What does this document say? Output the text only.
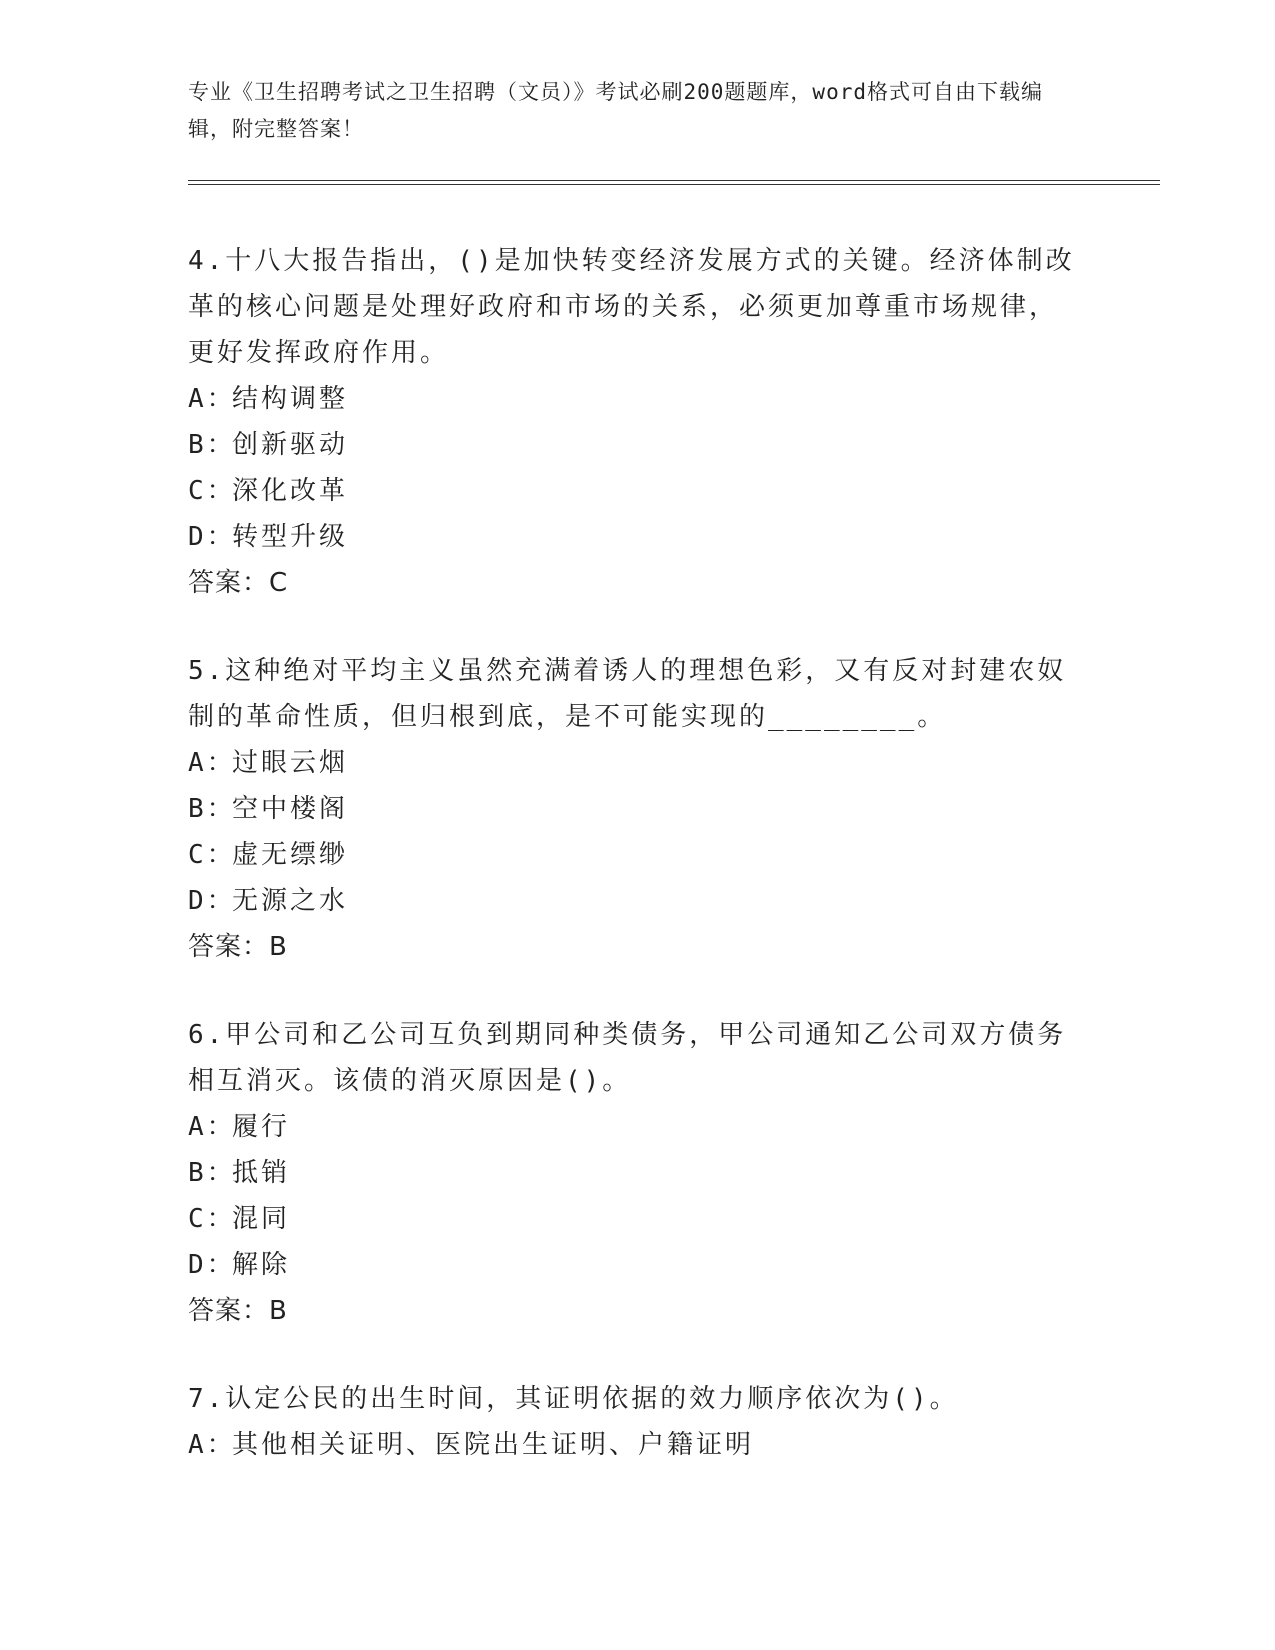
专业《卫生招聘考试之卫生招聘（文员）》考试必刷200题题库，word格式可自由下载编辑，附完整答案！

4.十八大报告指出，()是加快转变经济发展方式的关键。经济体制改革的核心问题是处理好政府和市场的关系，必须更加尊重市场规律，更好发挥政府作用。

A：结构调整

B：创新驱动

C：深化改革

D：转型升级

答案：C

5.这种绝对平均主义虽然充满着诱人的理想色彩，又有反对封建农奴制的革命性质，但归根到底，是不可能实现的________。

A：过眼云烟

B：空中楼阁

C：虚无缥缈

D：无源之水

答案：B

6.甲公司和乙公司互负到期同种类债务，甲公司通知乙公司双方债务相互消灭。该债的消灭原因是()。

A：履行

B：抵销

C：混同

D：解除

答案：B

7.认定公民的出生时间，其证明依据的效力顺序依次为()。

A：其他相关证明、医院出生证明、户籍证明
